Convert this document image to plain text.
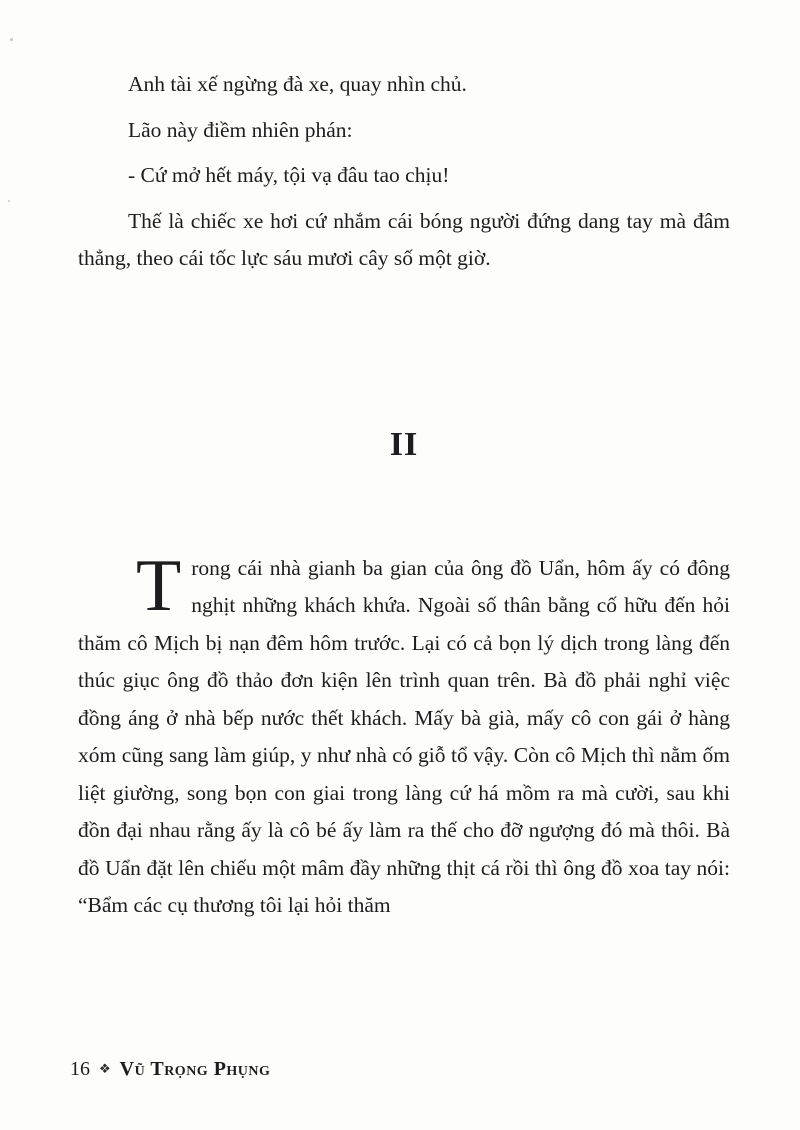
Anh tài xế ngừng đà xe, quay nhìn chủ.

Lão này điềm nhiên phán:

- Cứ mở hết máy, tội vạ đâu tao chịu!

Thế là chiếc xe hơi cứ nhắm cái bóng người đứng dang tay mà đâm thẳng, theo cái tốc lực sáu mươi cây số một giờ.

II

Trong cái nhà gianh ba gian của ông đồ Uẩn, hôm ấy có đông nghịt những khách khứa. Ngoài số thân bằng cố hữu đến hỏi thăm cô Mịch bị nạn đêm hôm trước. Lại có cả bọn lý dịch trong làng đến thúc giục ông đồ thảo đơn kiện lên trình quan trên. Bà đồ phải nghỉ việc đồng áng ở nhà bếp nước thết khách. Mấy bà già, mấy cô con gái ở hàng xóm cũng sang làm giúp, y như nhà có giỗ tổ vậy. Còn cô Mịch thì nằm ốm liệt giường, song bọn con giai trong làng cứ há mồm ra mà cười, sau khi đồn đại nhau rằng ấy là cô bé ấy làm ra thế cho đỡ ngượng đó mà thôi. Bà đồ Uẩn đặt lên chiếu một mâm đầy những thịt cá rồi thì ông đồ xoa tay nói: “Bẩm các cụ thương tôi lại hỏi thăm

16 ❖ Vũ Trọng Phụng
